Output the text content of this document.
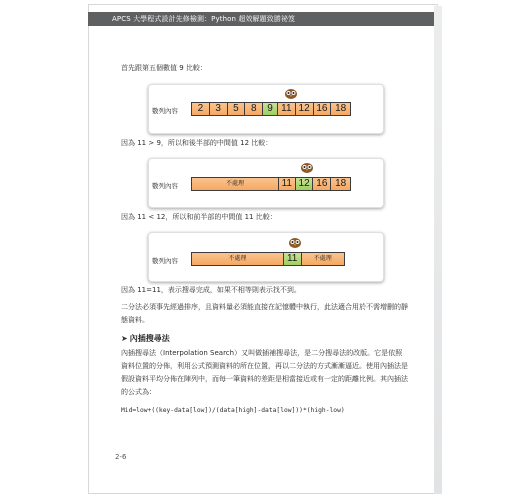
APCS 大學程式設計先修檢測：Python 超效解題致勝祕笈
首先跟第五個數值 9 比較：
數列內容	2	3	5	8	9 11 12 16 18
因為 11 > 9，所以和後半部的中間值 12 比較：
數列內容	不處理	11 12 16 18
因為 11 < 12，所以和前半部的中間值 11 比較：
數列內容	不處理	11	不處理
因為 11=11，表示搜尋完成，如果不相等則表示找不到。
二分法必須事先經過排序，且資料量必須能直接在記憶體中執行，此法適合用於不需增刪的靜態資料。
➤ 內插搜尋法
內插搜尋法（Interpolation Search）又叫做插補搜尋法，是二分搜尋法的改版。它是依照資料位置的分佈，利用公式預測資料的所在位置，再以二分法的方式漸漸逼近。使用內插法是假設資料平均分佈在陣列中，而每一筆資料的差距是相當接近或有一定的距離比例。其內插法的公式為：
Mid=low+((key-data[low])/(data[high]-data[low]))*(high-low)
2-6
